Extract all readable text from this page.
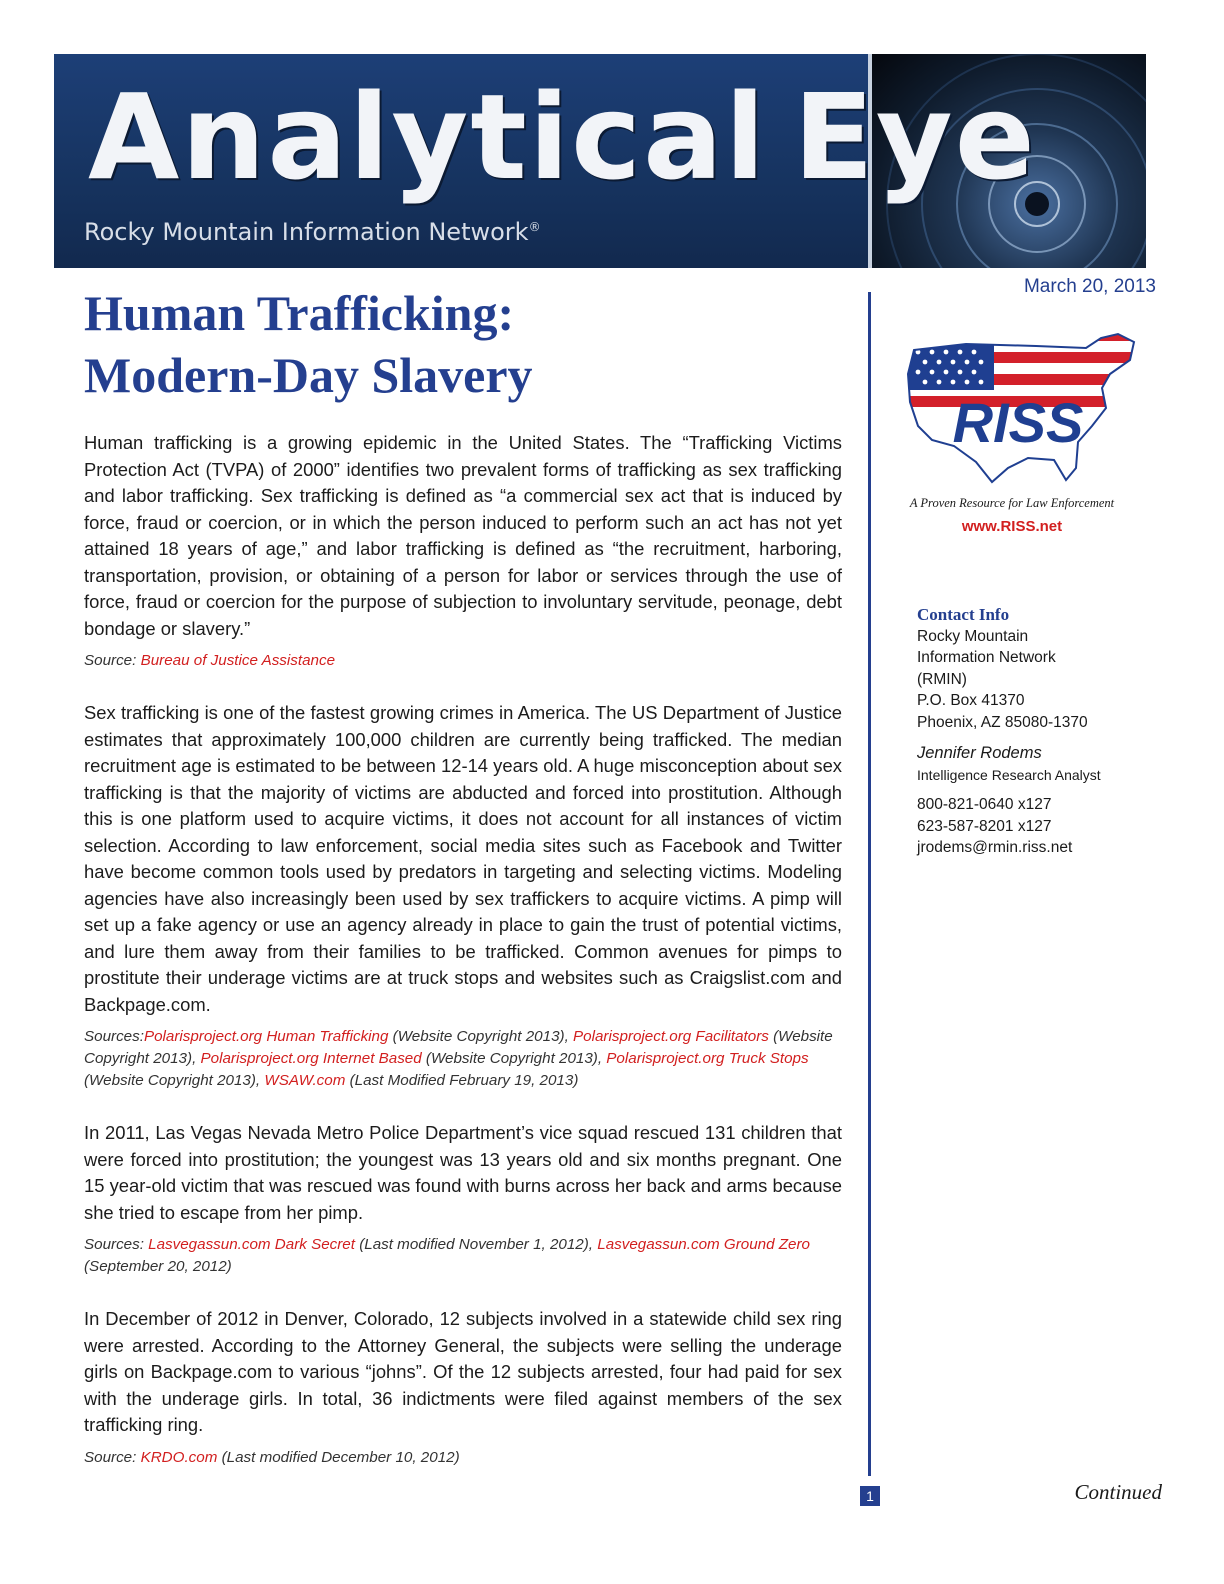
Analytical Eye

Rocky Mountain Information Network®

Human Trafficking:
Modern-Day Slavery

Human trafficking is a growing epidemic in the United States. The “Trafficking Victims Protection Act (TVPA) of 2000” identifies two prevalent forms of trafficking as sex trafficking and labor trafficking. Sex trafficking is defined as “a commercial sex act that is induced by force, fraud or coercion, or in which the person induced to perform such an act has not yet attained 18 years of age,” and labor trafficking is defined as “the recruitment, harboring, transportation, provision, or obtaining of a person for labor or services through the use of force, fraud or coercion for the purpose of subjection to involuntary servitude, peonage, debt bondage or slavery.”

Source: Bureau of Justice Assistance

Sex trafficking is one of the fastest growing crimes in America. The US Department of Justice estimates that approximately 100,000 children are currently being trafficked. The median recruitment age is estimated to be between 12-14 years old. A huge misconception about sex trafficking is that the majority of victims are abducted and forced into prostitution. Although this is one platform used to acquire victims, it does not account for all instances of victim selection. According to law enforcement, social media sites such as Facebook and Twitter have become common tools used by predators in targeting and selecting victims. Modeling agencies have also increasingly been used by sex traffickers to acquire victims. A pimp will set up a fake agency or use an agency already in place to gain the trust of potential victims, and lure them away from their families to be trafficked. Common avenues for pimps to prostitute their underage victims are at truck stops and websites such as Craigslist.com and Backpage.com.

Sources:Polarisproject.org Human Trafficking (Website Copyright 2013), Polarisproject.org Facilitators (Website Copyright 2013), Polarisproject.org Internet Based (Website Copyright 2013), Polarisproject.org Truck Stops (Website Copyright 2013), WSAW.com (Last Modified February 19, 2013)

In 2011, Las Vegas Nevada Metro Police Department’s vice squad rescued 131 children that were forced into prostitution; the youngest was 13 years old and six months pregnant. One 15 year-old victim that was rescued was found with burns across her back and arms because she tried to escape from her pimp.

Sources: Lasvegassun.com Dark Secret (Last modified November 1, 2012), Lasvegassun.com Ground Zero (September 20, 2012)

In December of 2012 in Denver, Colorado, 12 subjects involved in a statewide child sex ring were arrested. According to the Attorney General, the subjects were selling the underage girls on Backpage.com to various “johns”. Of the 12 subjects arrested, four had paid for sex with the underage girls. In total, 36 indictments were filed against members of the sex trafficking ring.

Source: KRDO.com (Last modified December 10, 2012)

1
March 20, 2013
RISS
A Proven Resource for Law Enforcement
www.RISS.net
Contact Info
Rocky Mountain
Information Network
(RMIN)
P.O. Box 41370
Phoenix, AZ 85080-1370
Jennifer Rodems
Intelligence Research Analyst
800-821-0640 x127
623-587-8201 x127
jrodems@rmin.riss.net
Continued
